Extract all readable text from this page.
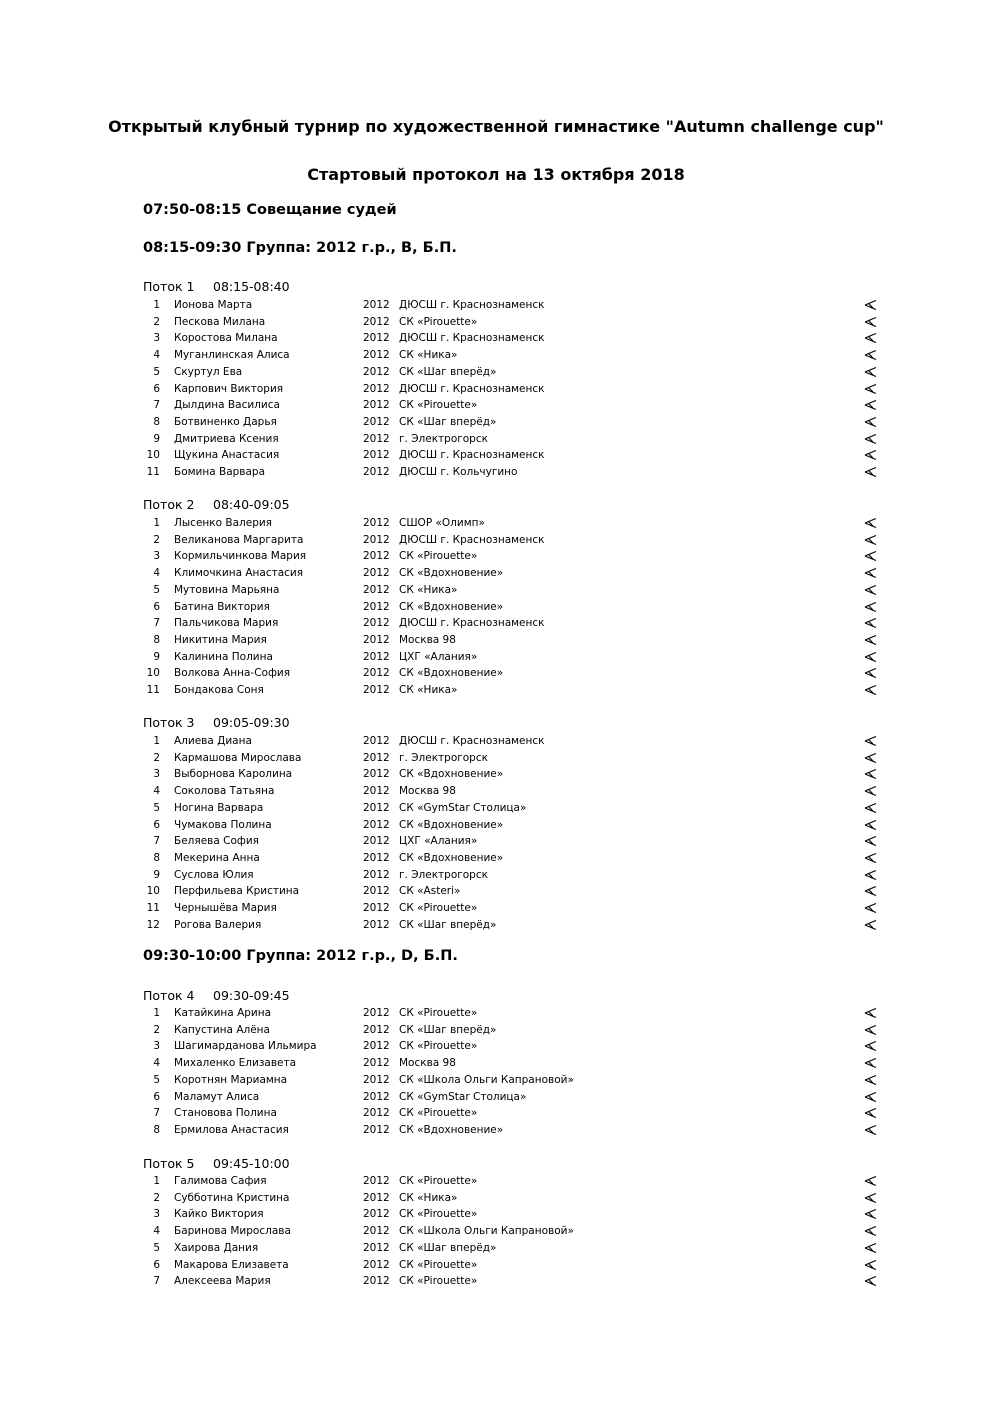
Открытый клубный турнир по художественной гимнастике "Autumn challenge cup"
Стартовый протокол на 13 октября 2018
07:50-08:15 Совещание судей
08:15-09:30 Группа: 2012 г.р., B, Б.П.
09:30-10:00 Группа: 2012 г.р., D, Б.П.
Поток 1 08:15-08:40
Поток 2 08:40-09:05
Поток 3 09:05-09:30
Поток 4 09:30-09:45
Поток 5 09:45-10:00
1 Ионова Марта	2012 ДЮСШ г. Краснознаменск
2 Пескова Милана	2012 СК «Pirouette»
3 Коростова Милана	2012 ДЮСШ г. Краснознаменск
4 Муганлинская Алиса	2012 СК «Ника»
5 Скуртул Ева	2012 СК «Шаг вперёд»
6 Карпович Виктория	2012 ДЮСШ г. Краснознаменск
7 Дылдина Василиса	2012 СК «Pirouette»
8 Ботвиненко Дарья	2012 СК «Шаг вперёд»
9 Дмитриева Ксения	2012 г. Электрогорск
10 Щукина Анастасия	2012 ДЮСШ г. Краснознаменск
11 Бомина Варвара	2012 ДЮСШ г. Кольчугино
1 Лысенко Валерия	2012 СШОР «Олимп»
2 Великанова Маргарита	2012 ДЮСШ г. Краснознаменск
3 Кормильчинкова Мария	2012 СК «Pirouette»
4 Климочкина Анастасия	2012 СК «Вдохновение»
5 Мутовина Марьяна	2012 СК «Ника»
6 Батина Виктория	2012 СК «Вдохновение»
7 Пальчикова Мария	2012 ДЮСШ г. Краснознаменск
8 Никитина Мария	2012 Москва 98
9 Калинина Полина	2012 ЦХГ «Алания»
10 Волкова Анна-София	2012 СК «Вдохновение»
11 Бондакова Соня	2012 СК «Ника»
1 Алиева Диана	2012 ДЮСШ г. Краснознаменск
2 Кармашова Мирослава	2012 г. Электрогорск
3 Выборнова Каролина	2012 СК «Вдохновение»
4 Соколова Татьяна	2012 Москва 98
5 Ногина Варвара	2012 СК «GymStar Столица»
6 Чумакова Полина	2012 СК «Вдохновение»
7 Беляева София	2012 ЦХГ «Алания»
8 Мекерина Анна	2012 СК «Вдохновение»
9 Суслова Юлия	2012 г. Электрогорск
10 Перфильева Кристина	2012 СК «Asteri»
11 Чернышёва Мария	2012 СК «Pirouette»
12 Рогова Валерия	2012 СК «Шаг вперёд»
1 Катайкина Арина	2012 СК «Pirouette»
2 Капустина Алёна	2012 СК «Шаг вперёд»
3 Шагимарданова Ильмира	2012 СК «Pirouette»
4 Михаленко Елизавета	2012 Москва 98
5 Коротнян Мариамна	2012 СК «Школа Ольги Капрановой»
6 Маламут Алиса	2012 СК «GymStar Столица»
7 Становова Полина	2012 СК «Pirouette»
8 Ермилова Анастасия	2012 СК «Вдохновение»
1 Галимова Сафия	2012 СК «Pirouette»
2 Субботина Кристина	2012 СК «Ника»
3 Кайко Виктория	2012 СК «Pirouette»
4 Баринова Мирослава	2012 СК «Школа Ольги Капрановой»
5 Хаирова Дания	2012 СК «Шаг вперёд»
6 Макарова Елизавета	2012 СК «Pirouette»
7 Алексеева Мария	2012 СК «Pirouette»
